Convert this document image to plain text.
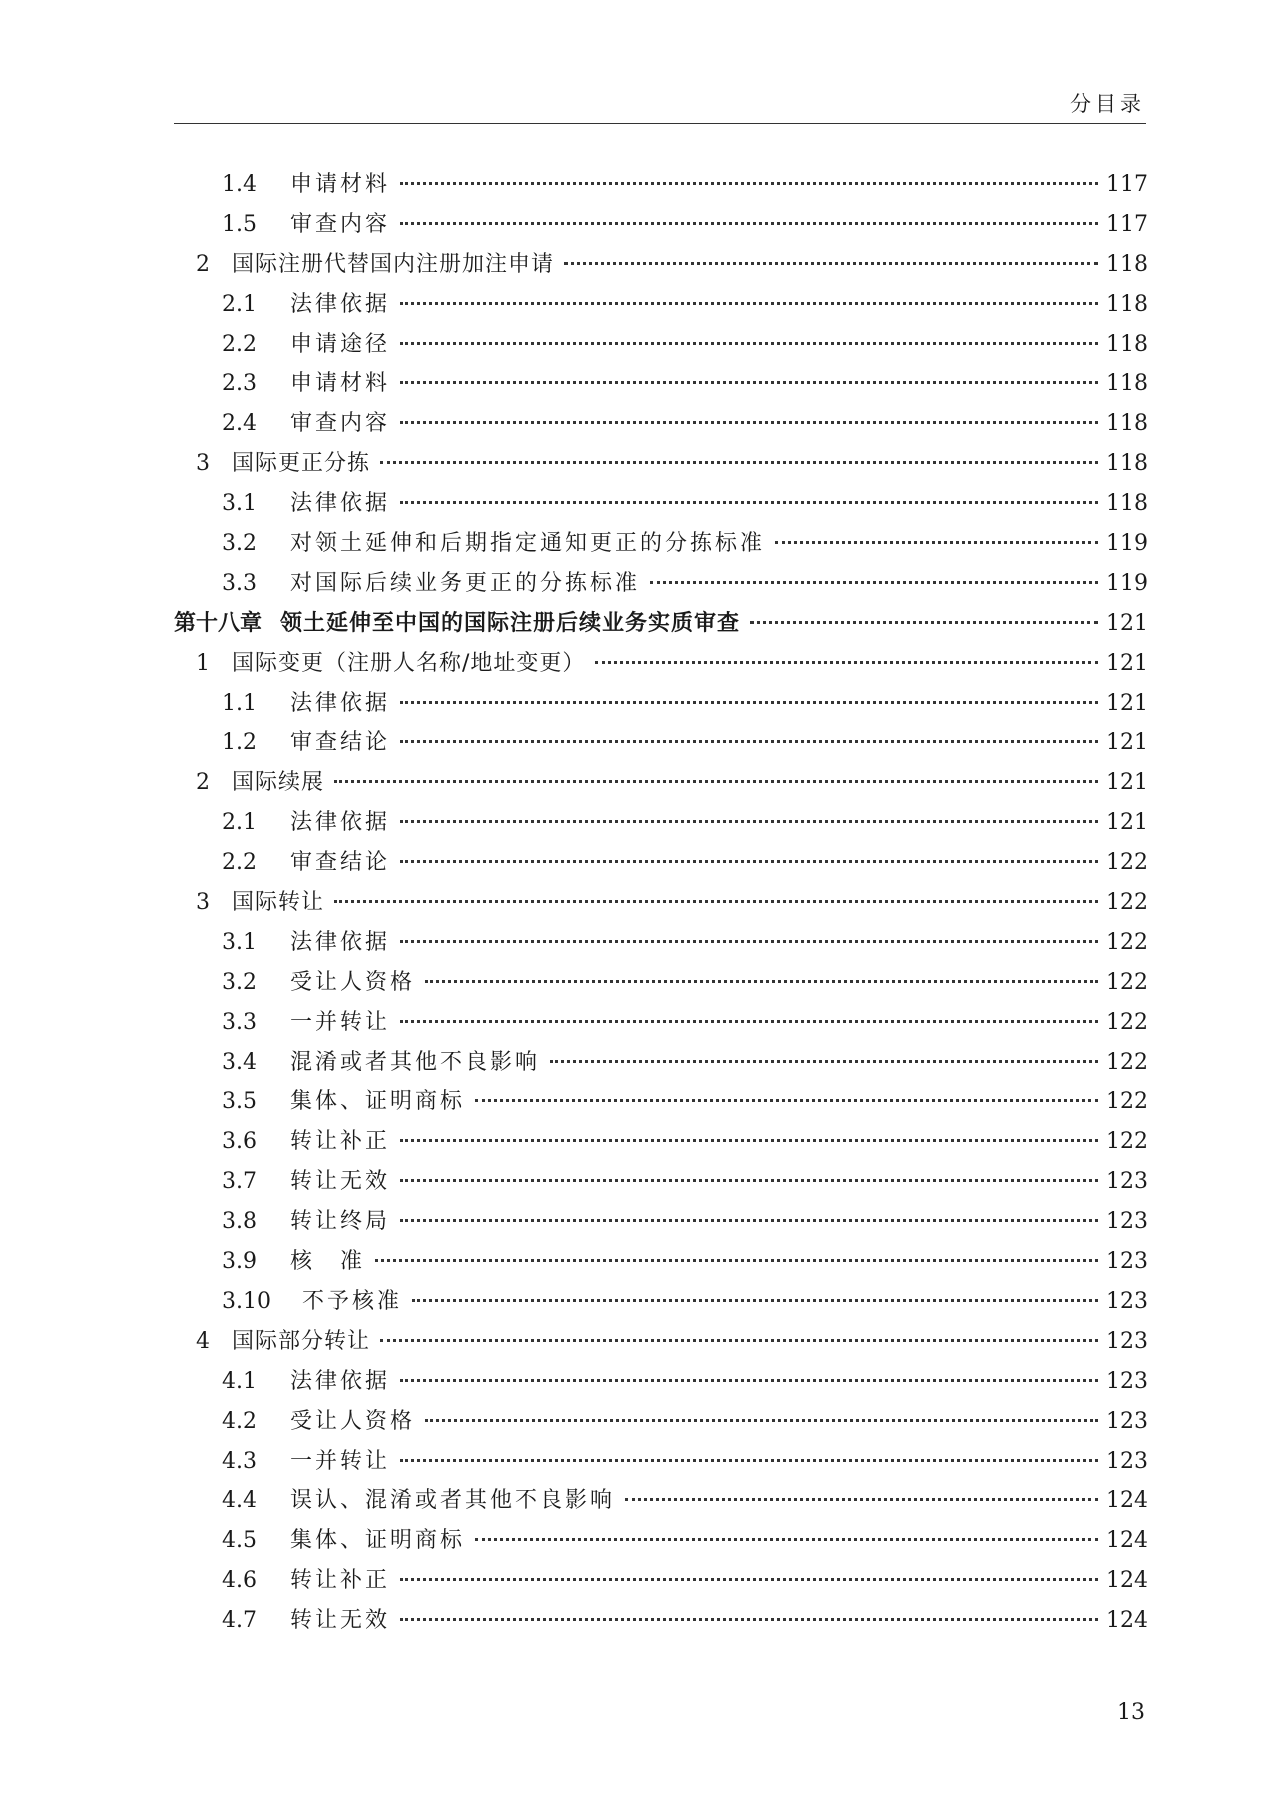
分目录
1.4	申请材料	117
1.5	审查内容	117
2	国际注册代替国内注册加注申请	118
2.1	法律依据	118
2.2	申请途径	118
2.3	申请材料	118
2.4	审查内容	118
3	国际更正分拣	118
3.1	法律依据	118
3.2	对领土延伸和后期指定通知更正的分拣标准	119
3.3	对国际后续业务更正的分拣标准	119
第十八章 领土延伸至中国的国际注册后续业务实质审查	121
1	国际变更（注册人名称/地址变更）	121
1.1	法律依据	121
1.2	审查结论	121
2	国际续展	121
2.1	法律依据	121
2.2	审查结论	122
3	国际转让	122
3.1	法律依据	122
3.2	受让人资格	122
3.3	一并转让	122
3.4	混淆或者其他不良影响	122
3.5	集体、证明商标	122
3.6	转让补正	122
3.7	转让无效	123
3.8	转让终局	123
3.9	核　准	123
3.10	不予核准	123
4	国际部分转让	123
4.1	法律依据	123
4.2	受让人资格	123
4.3	一并转让	123
4.4	误认、混淆或者其他不良影响	124
4.5	集体、证明商标	124
4.6	转让补正	124
4.7	转让无效	124
13
